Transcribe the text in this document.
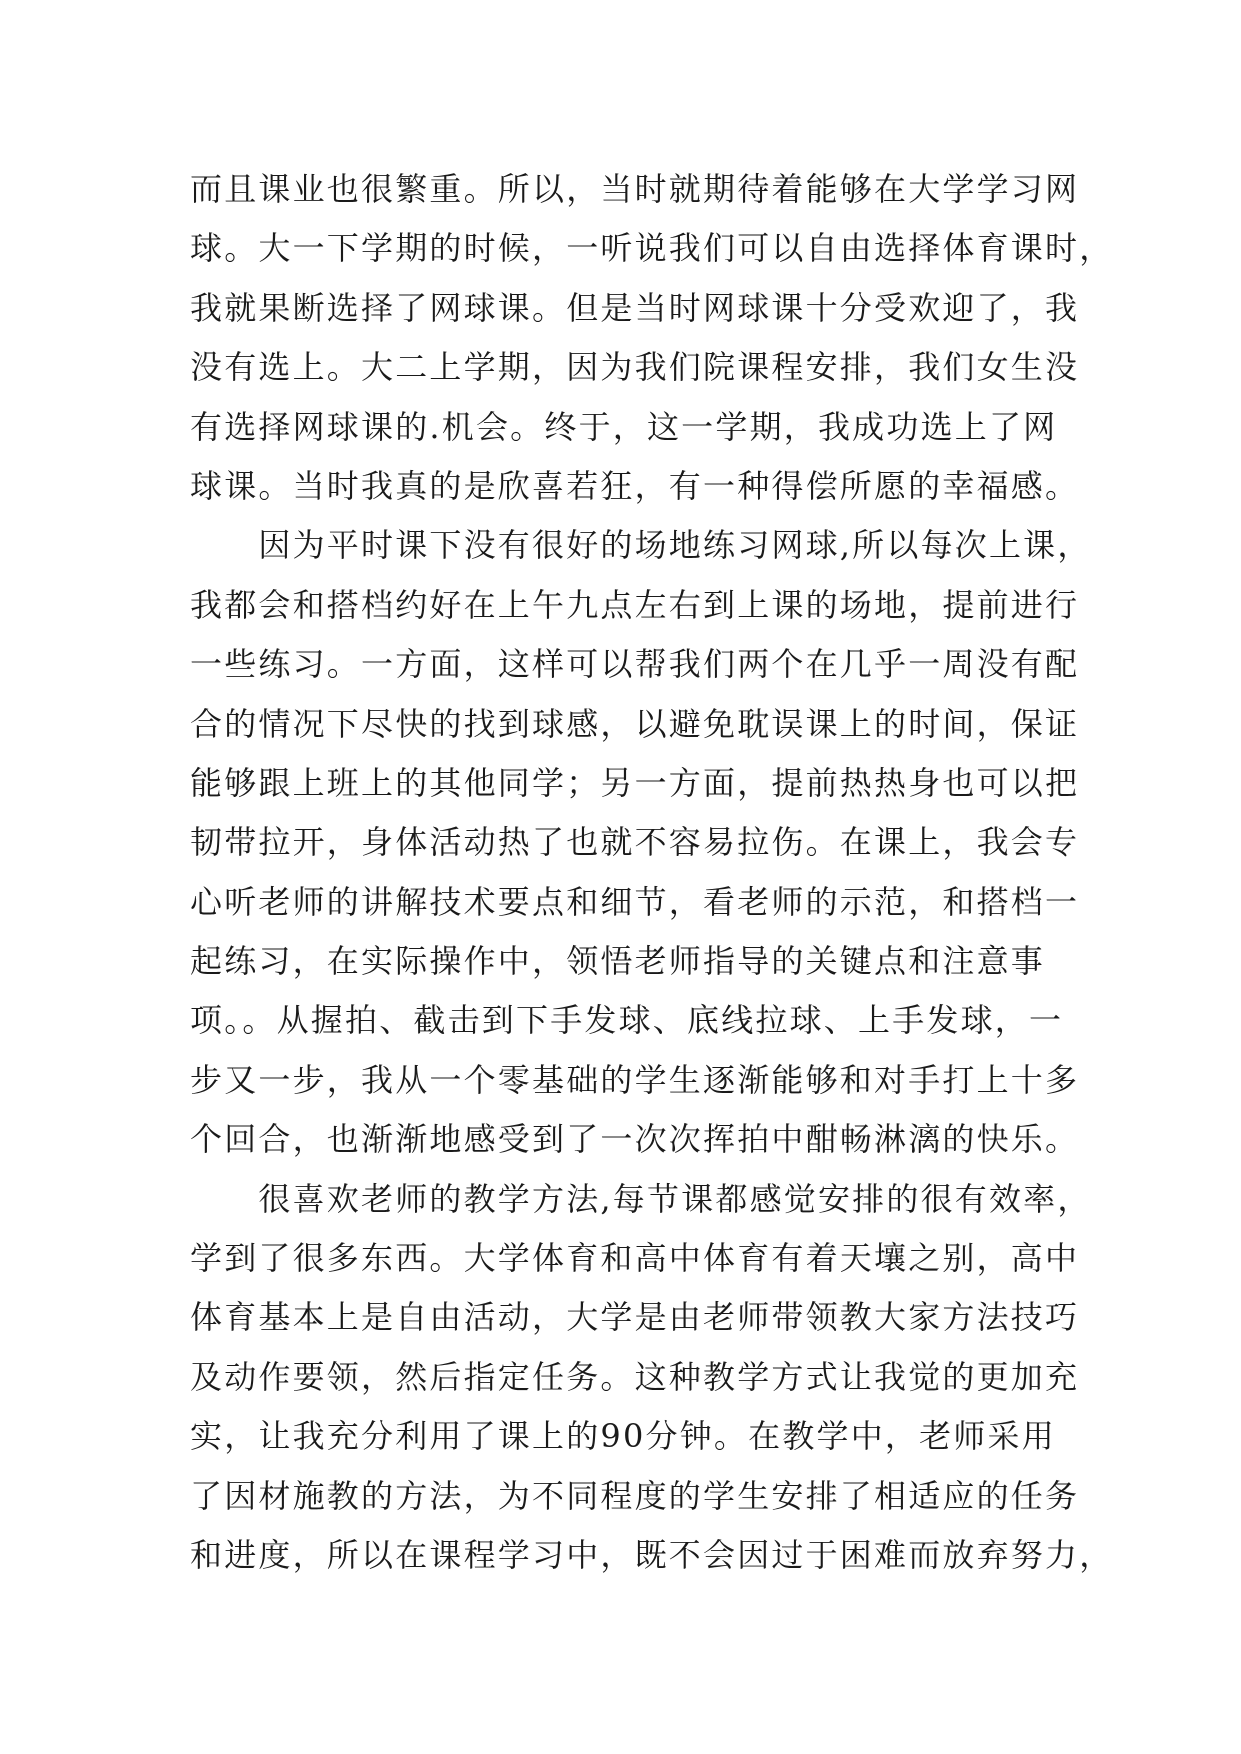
而且课业也很繁重。所以，当时就期待着能够在大学学习网
球。大一下学期的时候，一听说我们可以自由选择体育课时，
我就果断选择了网球课。但是当时网球课十分受欢迎了，我
没有选上。大二上学期，因为我们院课程安排，我们女生没
有选择网球课的.机会。终于，这一学期，我成功选上了网
球课。当时我真的是欣喜若狂，有一种得偿所愿的幸福感。
　　因为平时课下没有很好的场地练习网球,所以每次上课，
我都会和搭档约好在上午九点左右到上课的场地，提前进行
一些练习。一方面，这样可以帮我们两个在几乎一周没有配
合的情况下尽快的找到球感，以避免耽误课上的时间，保证
能够跟上班上的其他同学；另一方面，提前热热身也可以把
韧带拉开，身体活动热了也就不容易拉伤。在课上，我会专
心听老师的讲解技术要点和细节，看老师的示范，和搭档一
起练习，在实际操作中，领悟老师指导的关键点和注意事
项。。从握拍、截击到下手发球、底线拉球、上手发球，一
步又一步，我从一个零基础的学生逐渐能够和对手打上十多
个回合，也渐渐地感受到了一次次挥拍中酣畅淋漓的快乐。
　　很喜欢老师的教学方法,每节课都感觉安排的很有效率，
学到了很多东西。大学体育和高中体育有着天壤之别，高中
体育基本上是自由活动，大学是由老师带领教大家方法技巧
及动作要领，然后指定任务。这种教学方式让我觉的更加充
实，让我充分利用了课上的90分钟。在教学中，老师采用
了因材施教的方法，为不同程度的学生安排了相适应的任务
和进度，所以在课程学习中，既不会因过于困难而放弃努力，
